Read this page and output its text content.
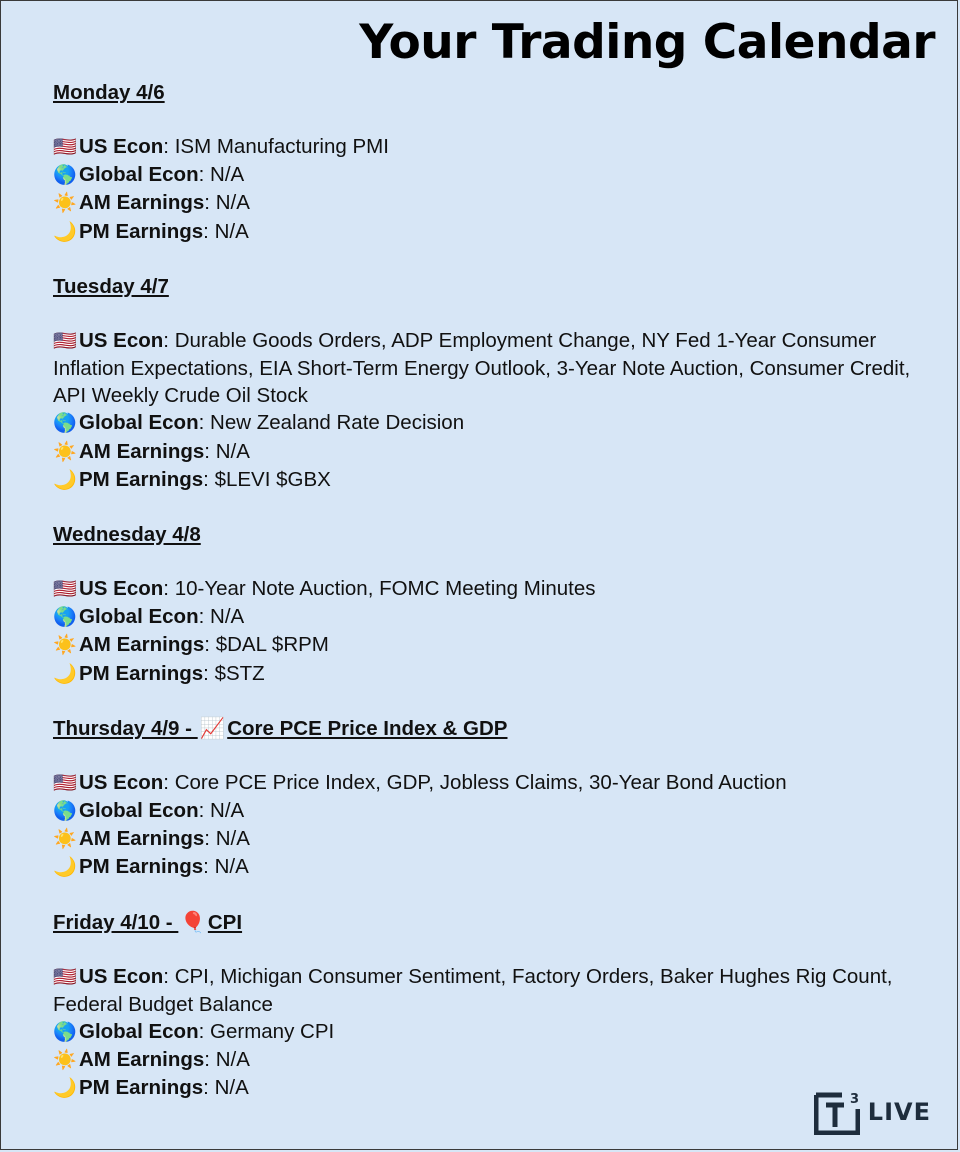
Your Trading Calendar
Monday 4/6
🇺🇸 US Econ: ISM Manufacturing PMI
🌎 Global Econ: N/A
☀️ AM Earnings: N/A
🌙 PM Earnings: N/A
Tuesday 4/7
🇺🇸 US Econ: Durable Goods Orders, ADP Employment Change, NY Fed 1-Year Consumer Inflation Expectations, EIA Short-Term Energy Outlook, 3-Year Note Auction, Consumer Credit, API Weekly Crude Oil Stock
🌎 Global Econ: New Zealand Rate Decision
☀️ AM Earnings: N/A
🌙 PM Earnings: $LEVI $GBX
Wednesday 4/8
🇺🇸 US Econ: 10-Year Note Auction, FOMC Meeting Minutes
🌎 Global Econ: N/A
☀️ AM Earnings: $DAL $RPM
🌙 PM Earnings: $STZ
Thursday 4/9 - 📈Core PCE Price Index & GDP
🇺🇸 US Econ: Core PCE Price Index, GDP, Jobless Claims, 30-Year Bond Auction
🌎 Global Econ: N/A
☀️ AM Earnings: N/A
🌙 PM Earnings: N/A
Friday 4/10 - 🎈CPI
🇺🇸 US Econ: CPI, Michigan Consumer Sentiment, Factory Orders, Baker Hughes Rig Count, Federal Budget Balance
🌎 Global Econ: Germany CPI
☀️ AM Earnings: N/A
🌙 PM Earnings: N/A
3 LIVE
